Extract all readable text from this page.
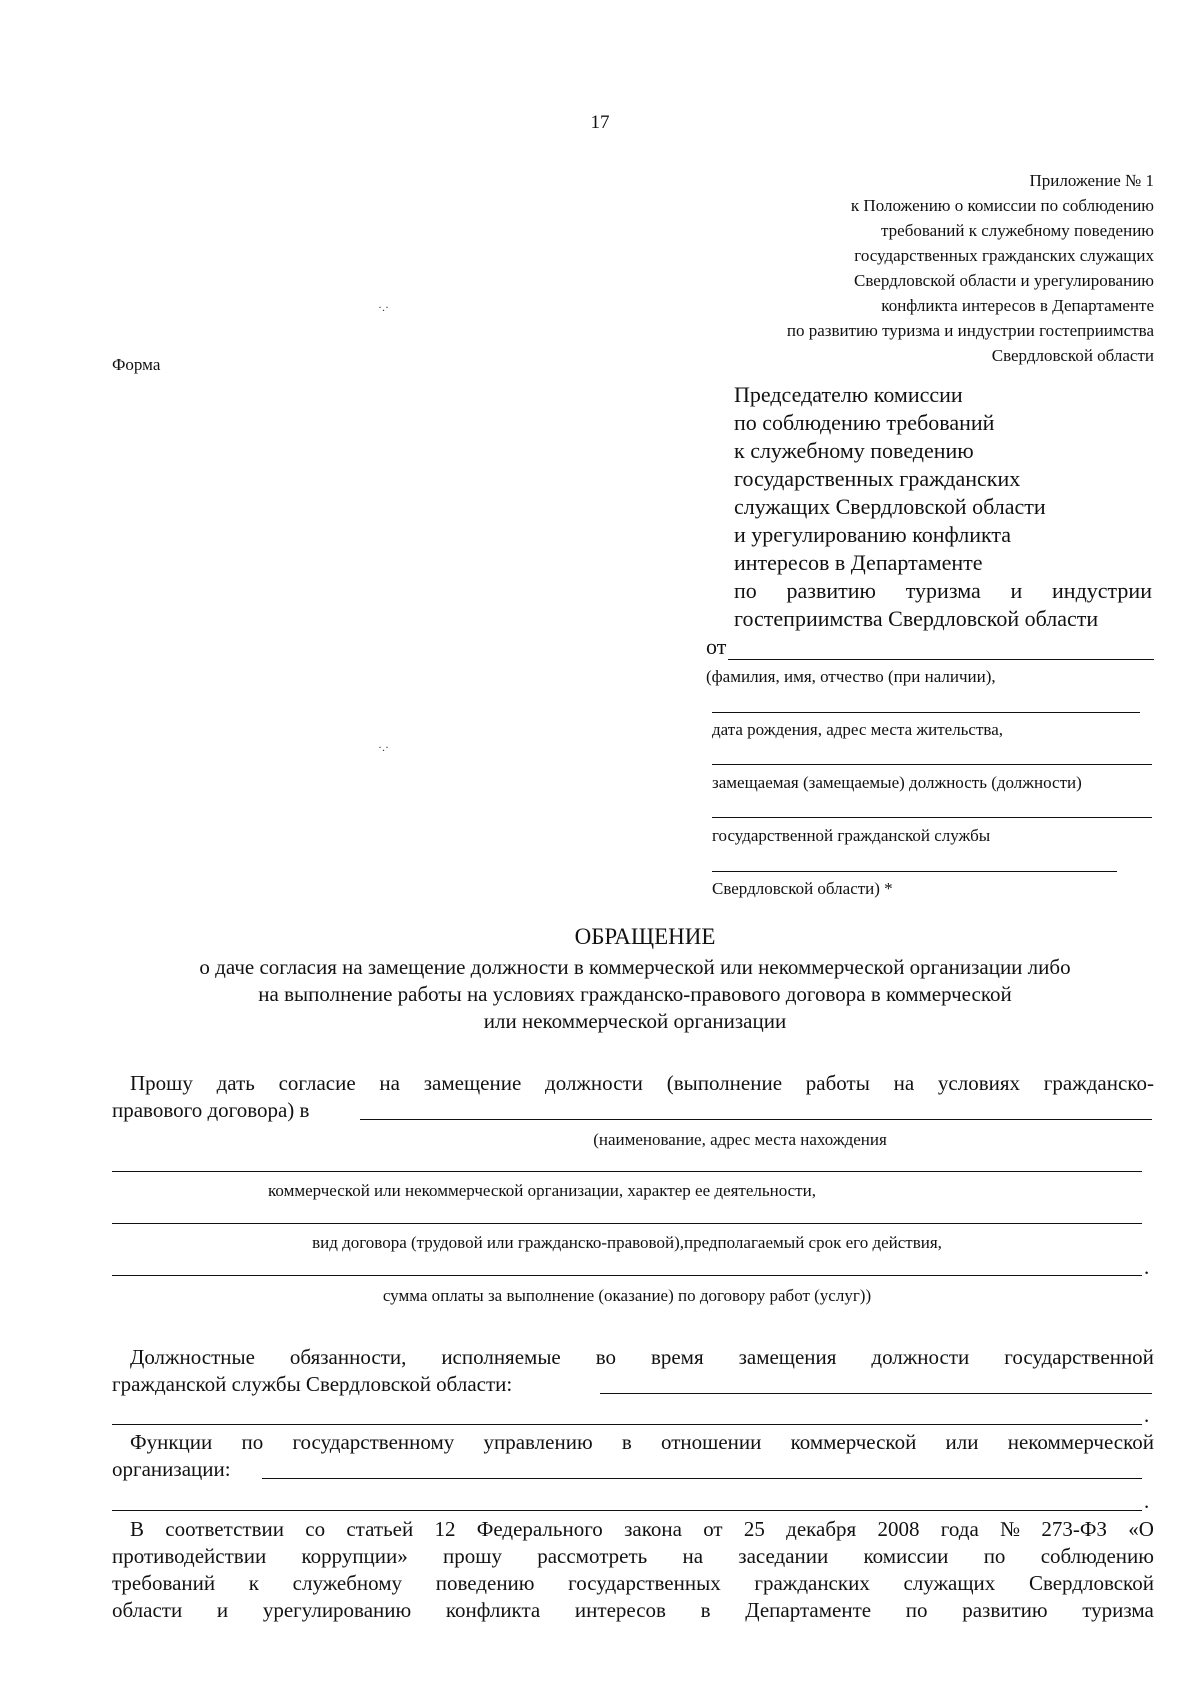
17
Приложение № 1
к Положению о комиссии по соблюдению
требований к служебному поведению
государственных гражданских служащих
Свердловской области и урегулированию
конфликта интересов в Департаменте
по развитию туризма и индустрии гостеприимства
Свердловской области
·.·
·.·
Форма
Председателю комиссии
по соблюдению требований
к служебному поведению
государственных гражданских
служащих Свердловской области
и урегулированию конфликта
интересов в Департаменте
по развитию туризма и индустрии
гостеприимства Свердловской области
от
(фамилия, имя, отчество (при наличии),
дата рождения, адрес места жительства,
замещаемая (замещаемые) должность (должности)
государственной гражданской службы
Свердловской области) *
ОБРАЩЕНИЕ
о даче согласия на замещение должности в коммерческой или некоммерческой организации либо
на выполнение работы на условиях гражданско-правового договора в коммерческой
или некоммерческой организации
Прошу дать согласие на замещение должности (выполнение работы на условиях гражданско-
правового договора) в
(наименование, адрес места нахождения
коммерческой или некоммерческой организации, характер ее деятельности,
вид договора (трудовой или гражданско-правовой),предполагаемый срок его действия,
.
сумма оплаты за выполнение (оказание) по договору работ (услуг))
Должностные обязанности, исполняемые во время замещения должности государственной
гражданской службы Свердловской области:
.
Функции по государственному управлению в отношении коммерческой или некоммерческой
организации:
.
В соответствии со статьей 12 Федерального закона от 25 декабря 2008 года № 273-ФЗ «О
противодействии коррупции» прошу рассмотреть на заседании комиссии по соблюдению
требований к служебному поведению государственных гражданских служащих Свердловской
области и урегулированию конфликта интересов в Департаменте по развитию туризма
